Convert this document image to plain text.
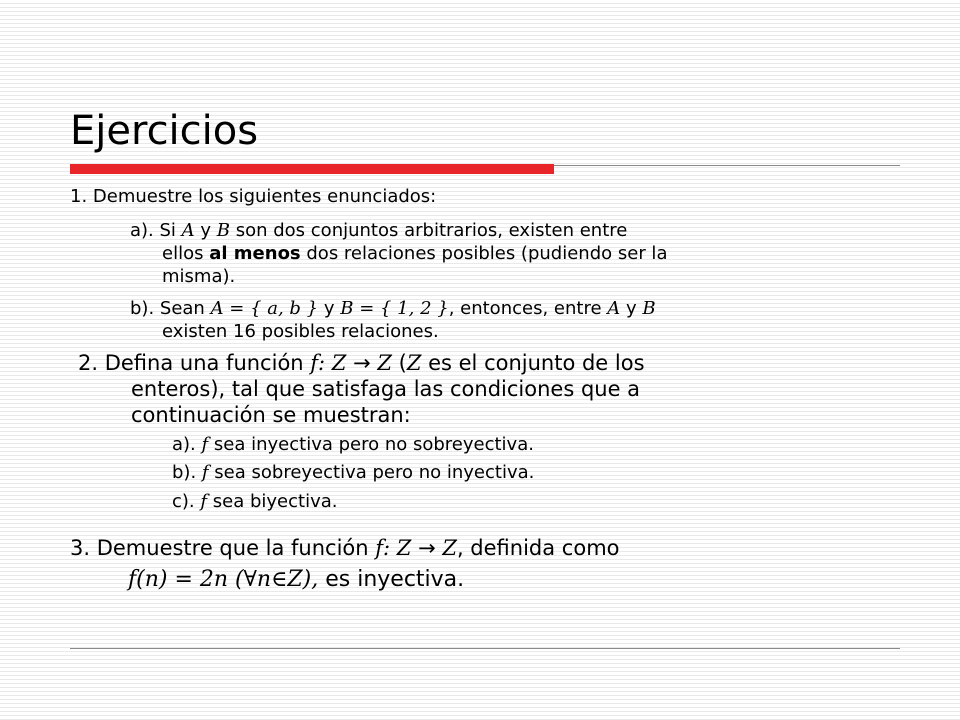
Ejercicios

1. Demuestre los siguientes enunciados:

a). Si A y B son dos conjuntos arbitrarios, existen entre

ellos al menos dos relaciones posibles (pudiendo ser la

misma).

b). Sean A = { a, b } y B = { 1, 2 }, entonces, entre A y B

existen 16 posibles relaciones.

2. Defina una función f: Z → Z (Z es el conjunto de los

enteros), tal que satisfaga las condiciones que a

continuación se muestran:

a). f sea inyectiva pero no sobreyectiva.

b). f sea sobreyectiva pero no inyectiva.

c). f sea biyectiva.

3. Demuestre que la función f: Z → Z, definida como

f(n) = 2n (∀n∈Z), es inyectiva.
